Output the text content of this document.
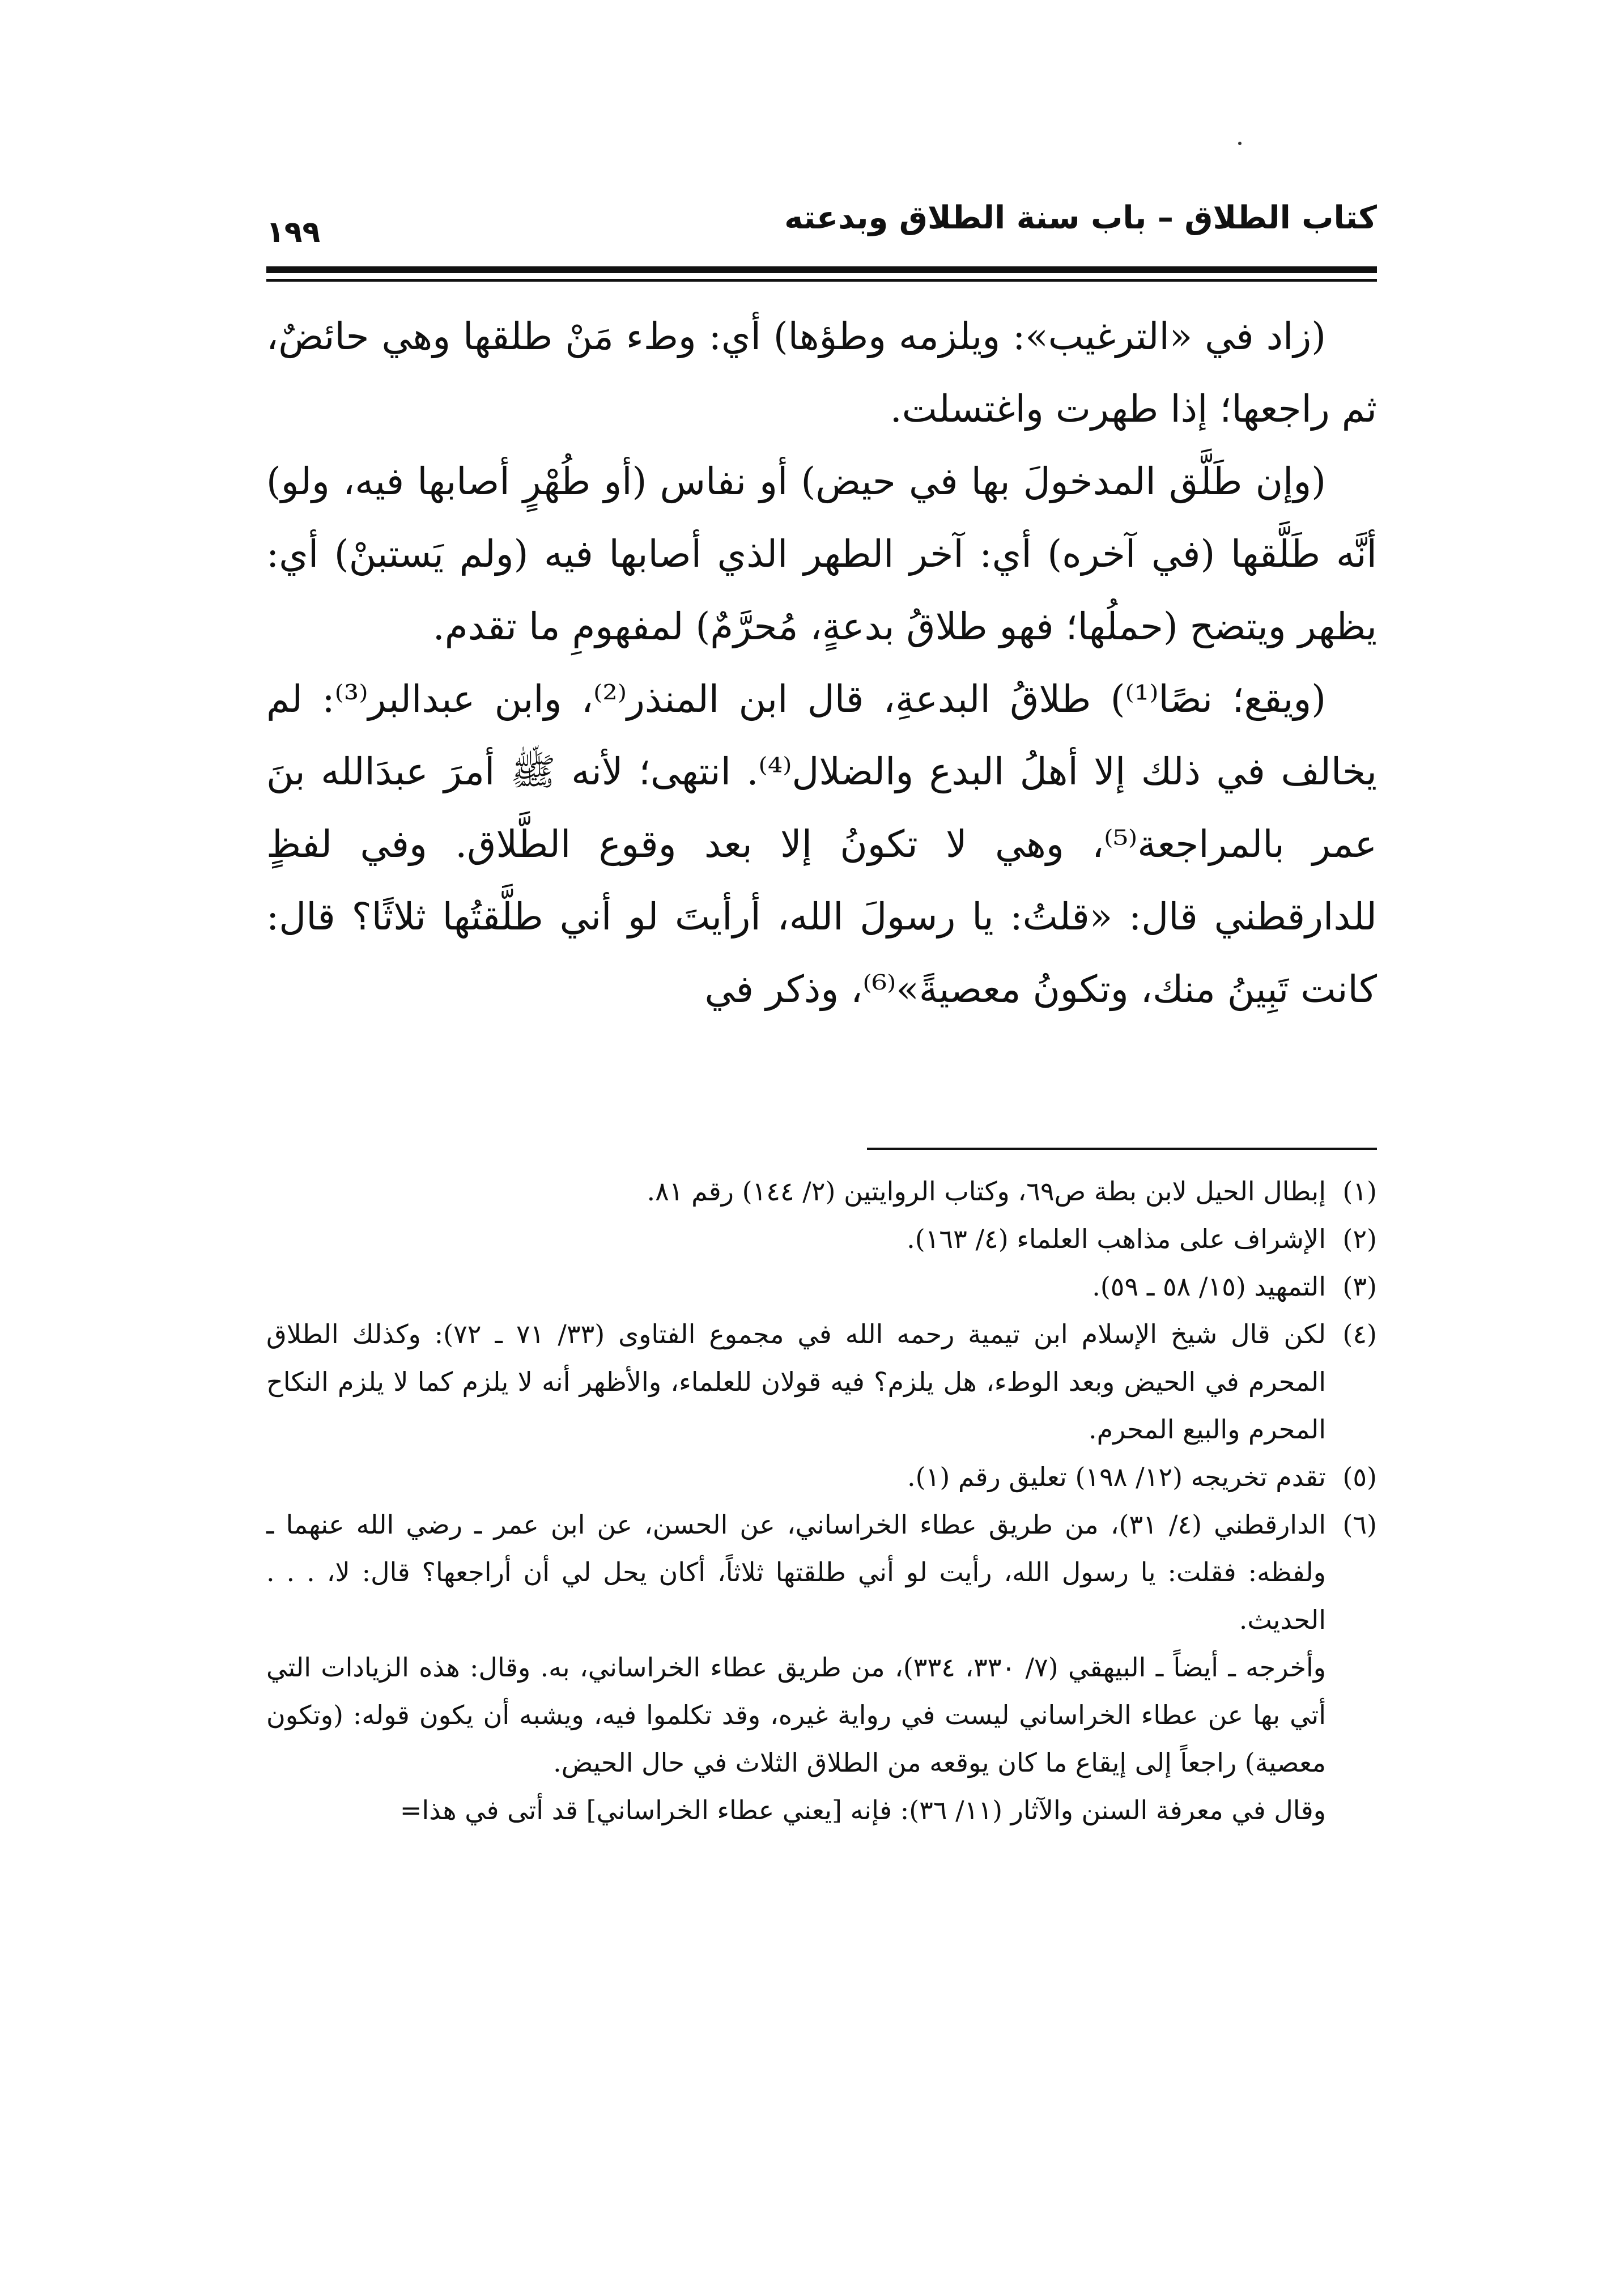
كتاب الطلاق – باب سنة الطلاق وبدعته
١٩٩

(زاد في «الترغيب»: ويلزمه وطؤها) أي: وطء مَنْ طلقها وهي حائضٌ، ثم راجعها؛ إذا طهرت واغتسلت.

(وإن طَلَّق المدخولَ بها في حيض) أو نفاس (أو طُهْرٍ أصابها فيه، ولو) أنَّه طَلَّقها (في آخره) أي: آخر الطهر الذي أصابها فيه (ولم يَستبنْ) أي: يظهر ويتضح (حملُها؛ فهو طلاقُ بدعةٍ، مُحرَّمٌ) لمفهومِ ما تقدم.

(ويقع؛ نصًا⁽¹⁾) طلاقُ البدعةِ، قال ابن المنذر⁽²⁾، وابن عبدالبر⁽³⁾: لم يخالف في ذلك إلا أهلُ البدع والضلال⁽⁴⁾. انتهى؛ لأنه ﷺ أمرَ عبدَالله بنَ عمر بالمراجعة⁽⁵⁾، وهي لا تكونُ إلا بعد وقوع الطَّلاق. وفي لفظٍ للدارقطني قال: «قلتُ: يا رسولَ الله، أرأيتَ لو أني طلَّقتُها ثلاثًا؟ قال: كانت تَبِينُ منك، وتكونُ معصيةً»⁽⁶⁾، وذكر في

(١)
إبطال الحيل لابن بطة ص٦٩، وكتاب الروايتين (٢/ ١٤٤) رقم ٨١.
(٢)
الإشراف على مذاهب العلماء (٤/ ١٦٣).
(٣)
التمهيد (١٥/ ٥٨ ـ ٥٩).
(٤)
لكن قال شيخ الإسلام ابن تيمية رحمه الله في مجموع الفتاوى (٣٣/ ٧١ ـ ٧٢): وكذلك الطلاق المحرم في الحيض وبعد الوطء، هل يلزم؟ فيه قولان للعلماء، والأظهر أنه لا يلزم كما لا يلزم النكاح المحرم والبيع المحرم.
(٥)
تقدم تخريجه (١٢/ ١٩٨) تعليق رقم (١).
(٦)
الدارقطني (٤/ ٣١)، من طريق عطاء الخراساني، عن الحسن، عن ابن عمر ـ رضي الله عنهما ـ ولفظه: فقلت: يا رسول الله، رأيت لو أني طلقتها ثلاثاً، أكان يحل لي أن أراجعها؟ قال: لا، . . . الحديث.

وأخرجه ـ أيضاً ـ البيهقي (٧/ ٣٣٠، ٣٣٤)، من طريق عطاء الخراساني، به. وقال: هذه الزيادات التي أتي بها عن عطاء الخراساني ليست في رواية غيره، وقد تكلموا فيه، ويشبه أن يكون قوله: (وتكون معصية) راجعاً إلى إيقاع ما كان يوقعه من الطلاق الثلاث في حال الحيض.

وقال في معرفة السنن والآثار (١١/ ٣٦): فإنه [يعني عطاء الخراساني] قد أتى في هذا=
